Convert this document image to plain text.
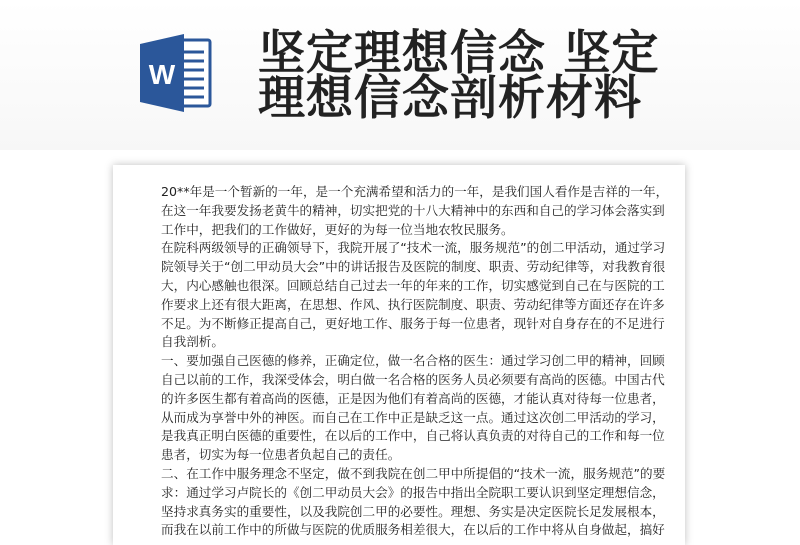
W 坚定理想信念 坚定
理想信念剖析材料
20**年是一个暂新的一年，是一个充满希望和活力的一年，是我们国人看作是吉祥的一年，
在这一年我要发扬老黄牛的精神，切实把党的十八大精神中的东西和自己的学习体会落实到
工作中，把我们的工作做好，更好的为每一位当地农牧民服务。
在院科两级领导的正确领导下，我院开展了“技术一流，服务规范”的创二甲活动，通过学习
院领导关于“创二甲动员大会”中的讲话报告及医院的制度、职责、劳动纪律等，对我教育很
大，内心感触也很深。回顾总结自己过去一年的年来的工作，切实感觉到自己在与医院的工
作要求上还有很大距离，在思想、作风、执行医院制度、职责、劳动纪律等方面还存在许多
不足。为不断修正提高自己，更好地工作、服务于每一位患者，现针对自身存在的不足进行
自我剖析。
一、要加强自己医德的修养，正确定位，做一名合格的医生：通过学习创二甲的精神，回顾
自己以前的工作，我深受体会，明白做一名合格的医务人员必须要有高尚的医德。中国古代
的许多医生都有着高尚的医德，正是因为他们有着高尚的医德，才能认真对待每一位患者，
从而成为享誉中外的神医。而自己在工作中正是缺乏这一点。通过这次创二甲活动的学习，
是我真正明白医德的重要性，在以后的工作中，自己将认真负责的对待自己的工作和每一位
患者，切实为每一位患者负起自己的责任。
二、在工作中服务理念不坚定，做不到我院在创二甲中所提倡的“技术一流，服务规范”的要
求：通过学习卢院长的《创二甲动员大会》的报告中指出全院职工要认识到坚定理想信念，
坚持求真务实的重要性，以及我院创二甲的必要性。理想、务实是决定医院长足发展根本，
而我在以前工作中的所做与医院的优质服务相差很大，在以后的工作中将从自身做起，搞好
